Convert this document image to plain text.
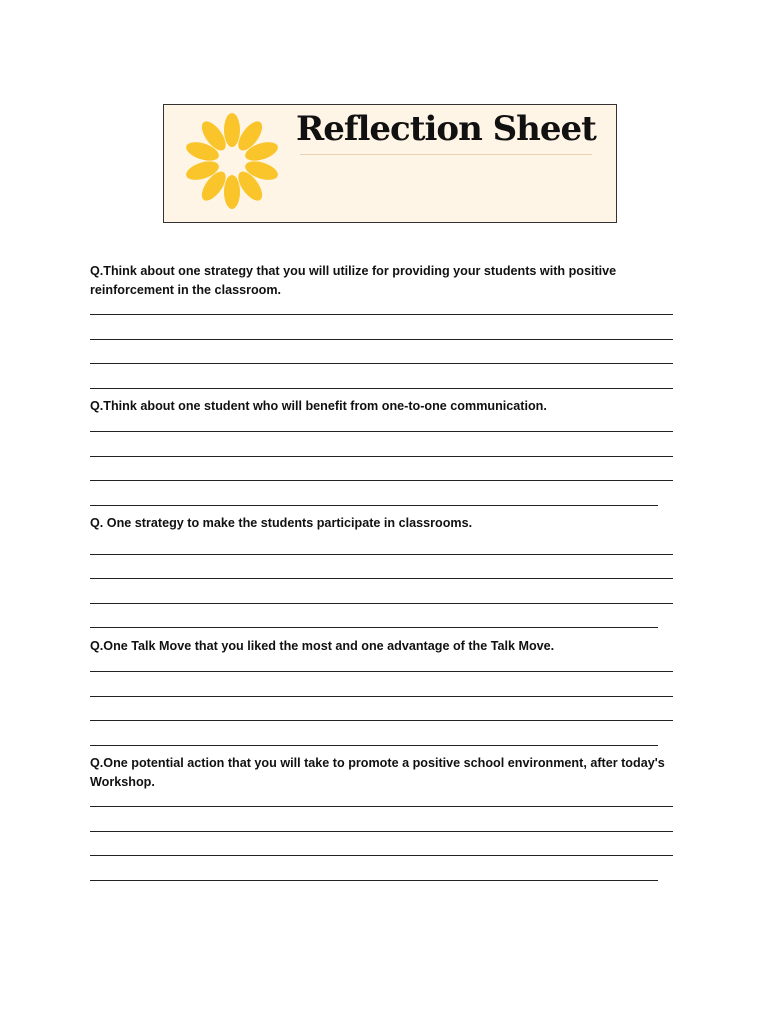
Reflection Sheet

Q.Think about one strategy that you will utilize for providing your students with positive reinforcement in the classroom.

Q.Think about one student who will benefit from one-to-one communication.

Q. One strategy to make the students participate in classrooms.

Q.One Talk Move that you liked the most and one advantage of the Talk Move.

Q.One potential action that you will take to promote a positive school environment, after today's Workshop.
